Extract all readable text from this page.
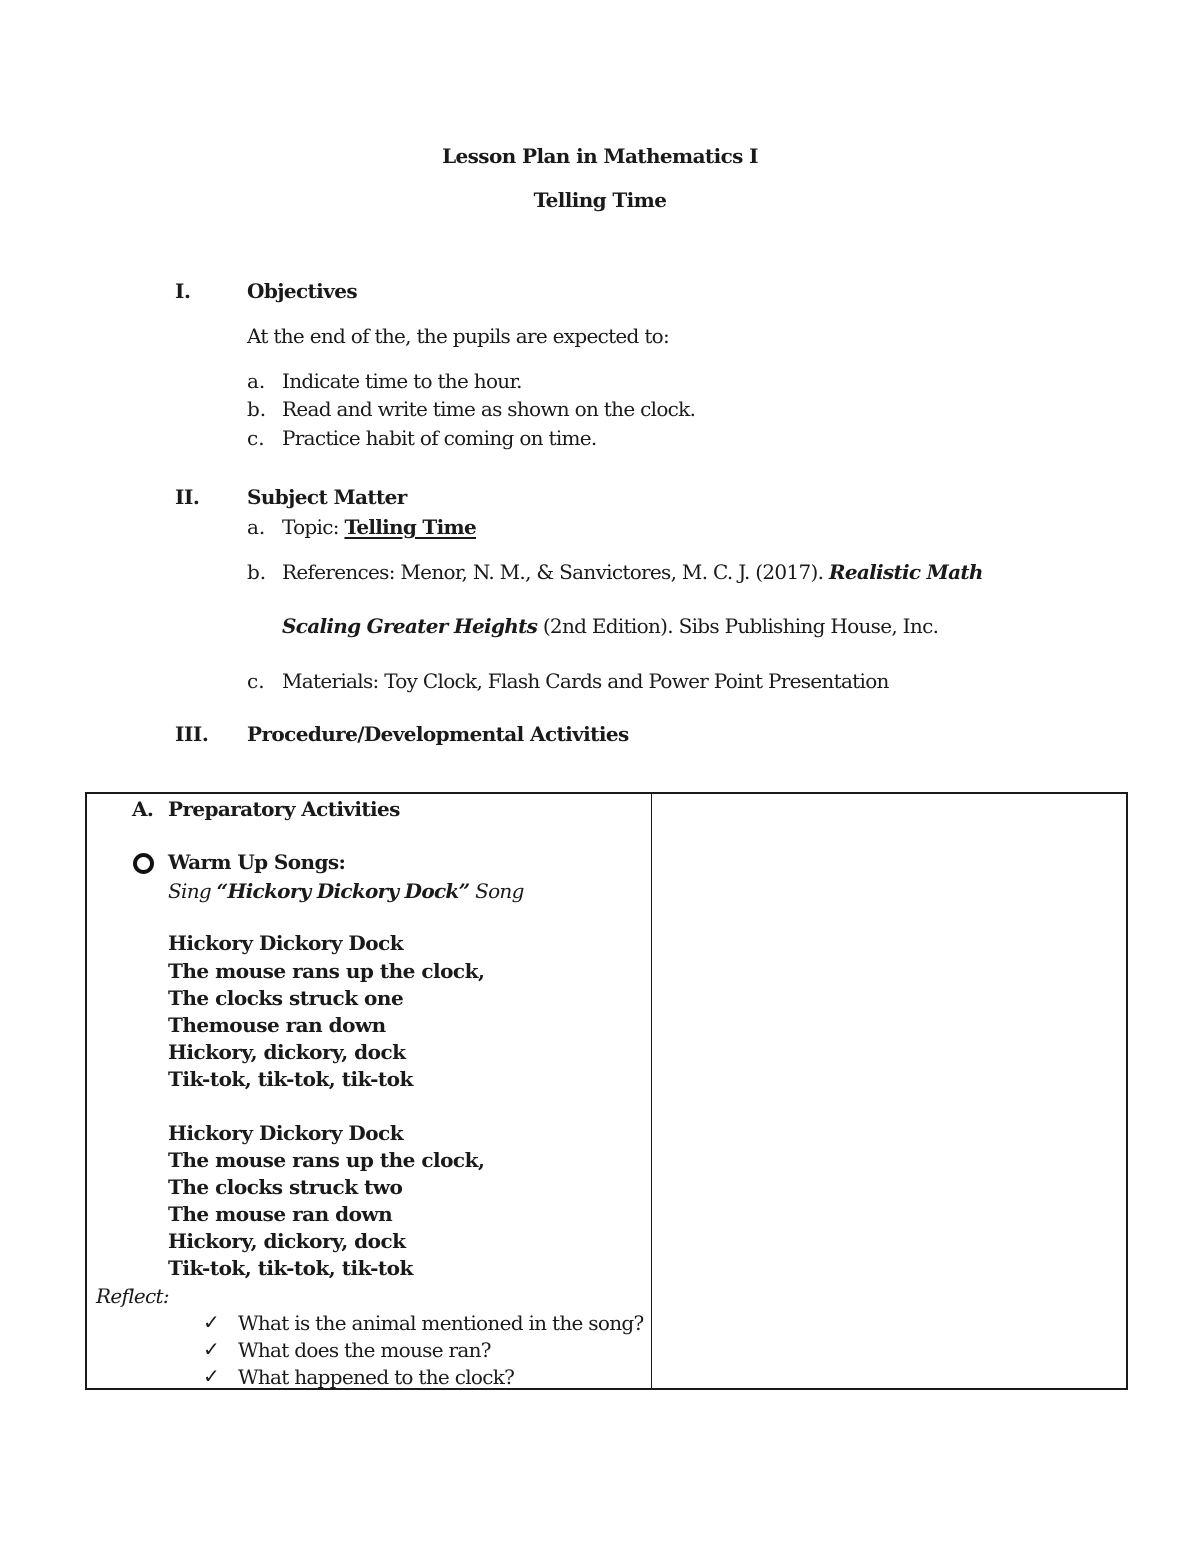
Lesson Plan in Mathematics I
Telling Time
I.	Objectives
At the end of the, the pupils are expected to:
a. Indicate time to the hour.
b. Read and write time as shown on the clock.
c. Practice habit of coming on time.
II. Subject Matter
a. Topic: Telling Time
b. References: Menor, N. M., & Sanvictores, M. C. J. (2017). Realistic Math
Scaling Greater Heights (2nd Edition). Sibs Publishing House, Inc.
c. Materials: Toy Clock, Flash Cards and Power Point Presentation
III. Procedure/Developmental Activities
A. Preparatory Activities
Warm Up Songs:
Sing “Hickory Dickory Dock” Song
Hickory Dickory Dock
The mouse rans up the clock,
The clocks struck one
Themouse ran down
Hickory, dickory, dock
Tik-tok, tik-tok, tik-tok
Hickory Dickory Dock
The mouse rans up the clock,
The clocks struck two
The mouse ran down
Hickory, dickory, dock
Tik-tok, tik-tok, tik-tok
Reflect:
✓ What is the animal mentioned in the song?
✓ What does the mouse ran?
✓ What happened to the clock?
